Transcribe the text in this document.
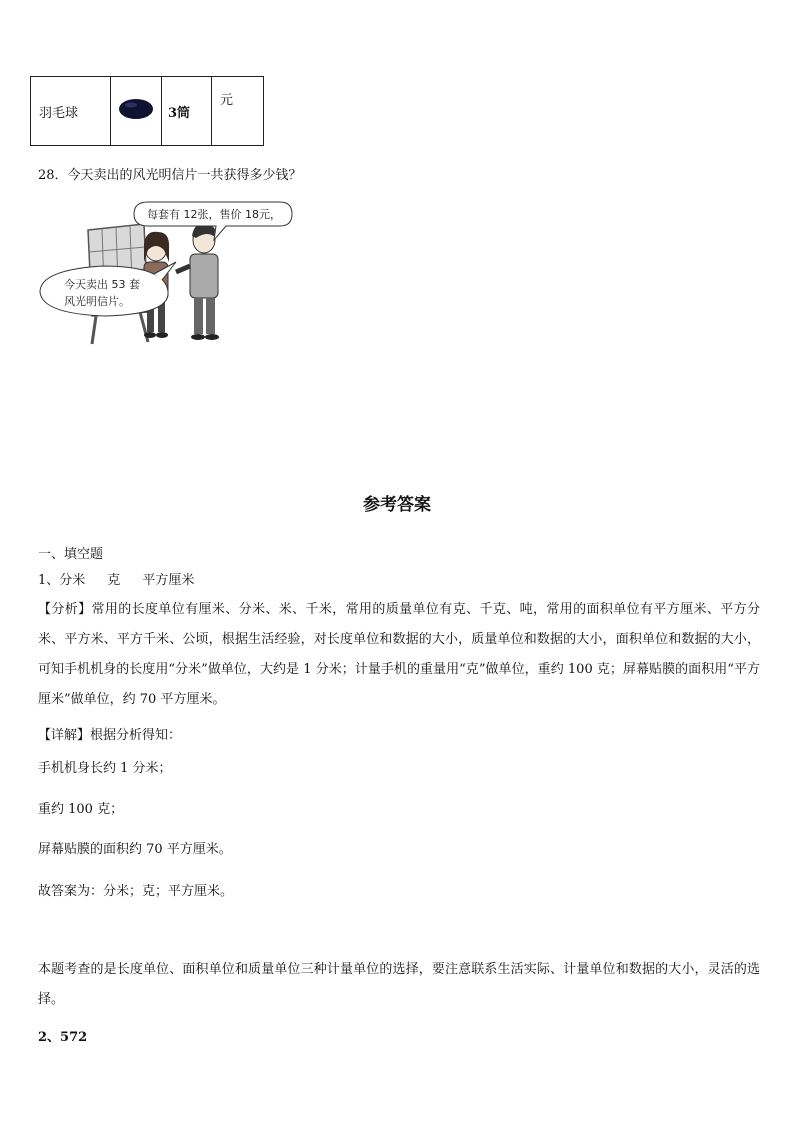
羽毛球		3筒	元
28．今天卖出的风光明信片一共获得多少钱？
每套有 12张，售价 18元，
今天卖出 53 套
风光明信片。
参考答案
一、填空题
1、分米 克 平方厘米
【分析】常用的长度单位有厘米、分米、米、千米，常用的质量单位有克、千克、吨，常用的面积单位有平方厘米、平方分米、平方米、平方千米、公顷，根据生活经验，对长度单位和数据的大小，质量单位和数据的大小，面积单位和数据的大小，可知手机机身的长度用“分米”做单位，大约是 1 分米；计量手机的重量用“克”做单位，重约 100 克；屏幕贴膜的面积用“平方厘米”做单位，约 70 平方厘米。
【详解】根据分析得知：
手机机身长约 1 分米；
重约 100 克；
屏幕贴膜的面积约 70 平方厘米。
故答案为：分米；克；平方厘米。
本题考查的是长度单位、面积单位和质量单位三种计量单位的选择，要注意联系生活实际、计量单位和数据的大小，灵活的选择。
2、572
